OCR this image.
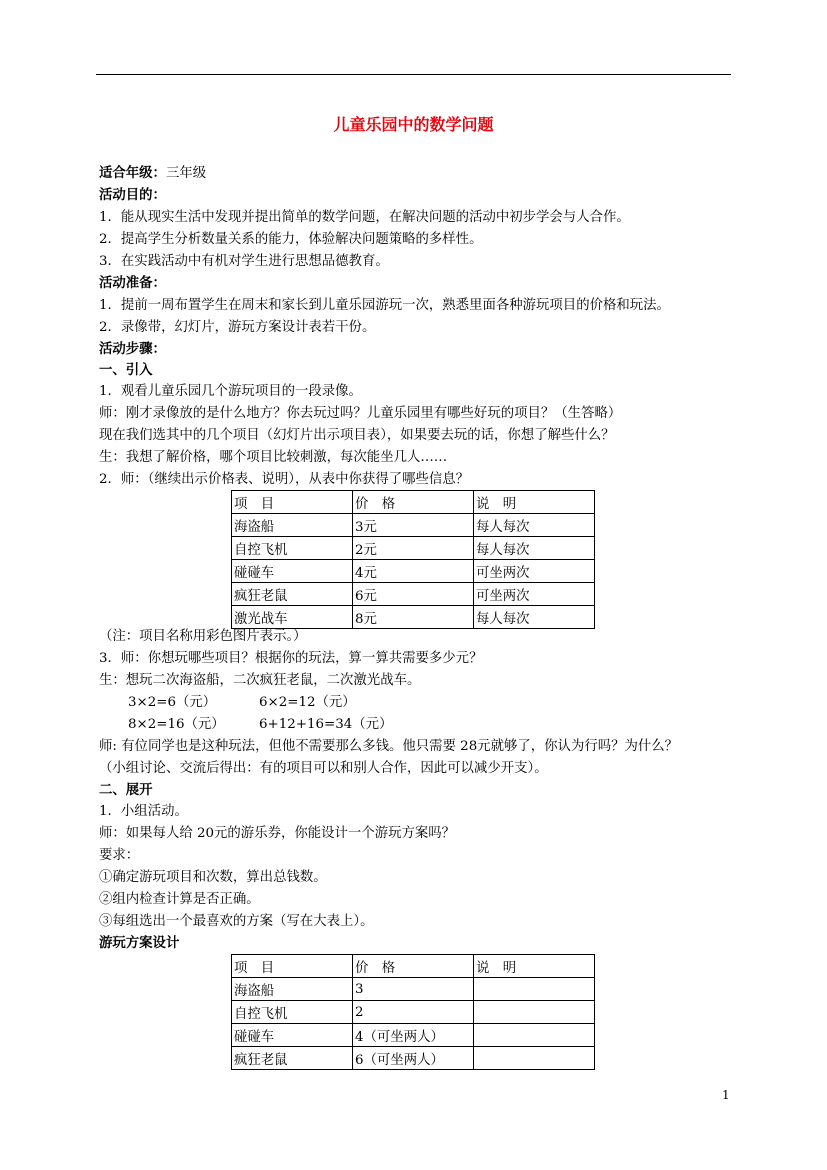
儿童乐园中的数学问题
适合年级：三年级
活动目的：
1．能从现实生活中发现并提出简单的数学问题，在解决问题的活动中初步学会与人合作。
2．提高学生分析数量关系的能力，体验解决问题策略的多样性。
3．在实践活动中有机对学生进行思想品德教育。
活动准备：
1．提前一周布置学生在周末和家长到儿童乐园游玩一次，熟悉里面各种游玩项目的价格和玩法。
2．录像带，幻灯片，游玩方案设计表若干份。
活动步骤：
一、引入
1．观看儿童乐园几个游玩项目的一段录像。
师：刚才录像放的是什么地方？你去玩过吗？儿童乐园里有哪些好玩的项目？（生答略）
现在我们选其中的几个项目（幻灯片出示项目表），如果要去玩的话，你想了解些什么？
生：我想了解价格，哪个项目比较刺激，每次能坐几人……
2．师：（继续出示价格表、说明），从表中你获得了哪些信息？
项　目	价　格	说　明
海盗船	3元	每人每次
自控飞机	2元	每人每次
碰碰车	4元	可坐两次
疯狂老鼠	6元	可坐两次
激光战车	8元	每人每次
（注：项目名称用彩色图片表示。）
3．师：你想玩哪些项目？根据你的玩法，算一算共需要多少元？
生：想玩二次海盗船，二次疯狂老鼠，二次激光战车。
3×2=6（元）	6×2=12（元）
8×2=16（元）	6+12+16=34（元）
师: 有位同学也是这种玩法，但他不需要那么多钱。他只需要 28元就够了，你认为行吗？为什么？
（小组讨论、交流后得出：有的项目可以和别人合作，因此可以减少开支）。
二、展开
1．小组活动。
师：如果每人给 20元的游乐券，你能设计一个游玩方案吗？
要求：
①确定游玩项目和次数，算出总钱数。
②组内检查计算是否正确。
③每组选出一个最喜欢的方案（写在大表上）。
游玩方案设计
项　目	价　格	说　明
海盗船	3	
自控飞机	2	
碰碰车	4（可坐两人）	
疯狂老鼠	6（可坐两人）	
1
